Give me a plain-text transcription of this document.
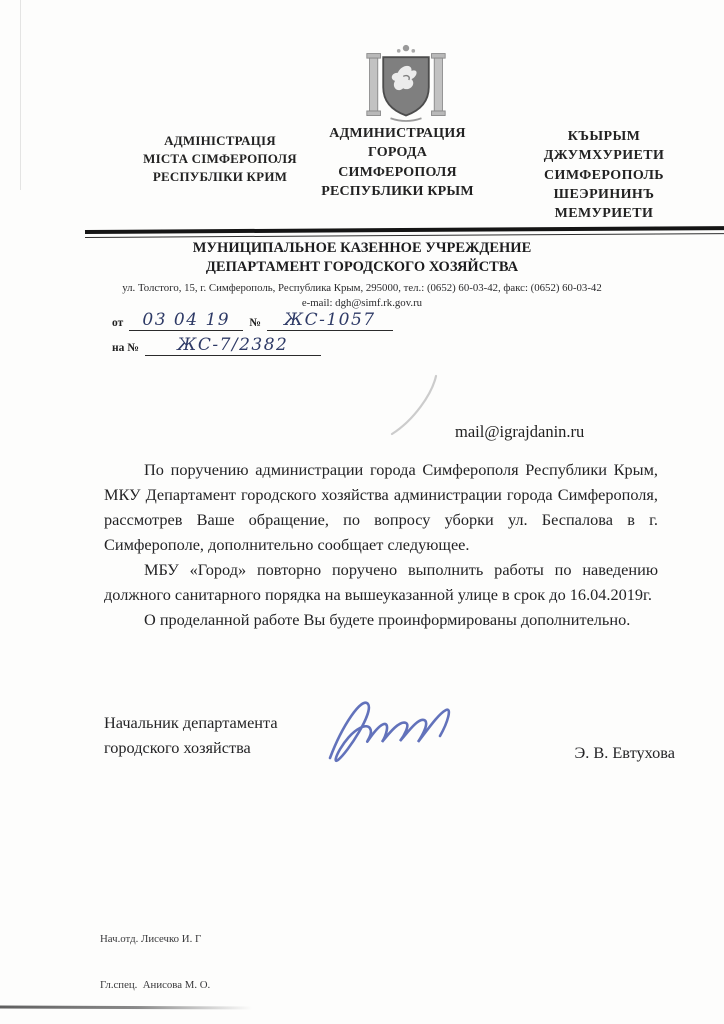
АДМІНІСТРАЦІЯ
МІСТА СІМФЕРОПОЛЯ
РЕСПУБЛІКИ КРИМ
АДМИНИСТРАЦИЯ
ГОРОДА
СИМФЕРОПОЛЯ
РЕСПУБЛИКИ КРЫМ
КЪЫРЫМ
ДЖУМХУРИЕТИ
СИМФЕРОПОЛЬ
ШЕЭРИНИНЪ
МЕМУРИЕТИ
МУНИЦИПАЛЬНОЕ КАЗЕННОЕ УЧРЕЖДЕНИЕ
ДЕПАРТАМЕНТ ГОРОДСКОГО ХОЗЯЙСТВА
ул. Толстого, 15, г. Симферополь, Республика Крым, 295000, тел.: (0652) 60-03-42, факс: (0652) 60-03-42
e-mail: dgh@simf.rk.gov.ru
от	03 04 19	№	ЖС-1057
на №	ЖС-7/2382
mail@igrajdanin.ru

По поручению администрации города Симферополя Республики Крым, МКУ Департамент городского хозяйства администрации города Симферополя, рассмотрев Ваше обращение, по вопросу уборки ул. Беспалова в г. Симферополе, дополнительно сообщает следующее.

МБУ «Город» повторно поручено выполнить работы по наведению должного санитарного порядка на вышеуказанной улице в срок до 16.04.2019г.

О проделанной работе Вы будете проинформированы дополнительно.

Начальник департамента
городского хозяйства	Э. В. Евтухова

Нач.отд. Лисечко И. Г

Гл.спец.  Анисова М. О.
